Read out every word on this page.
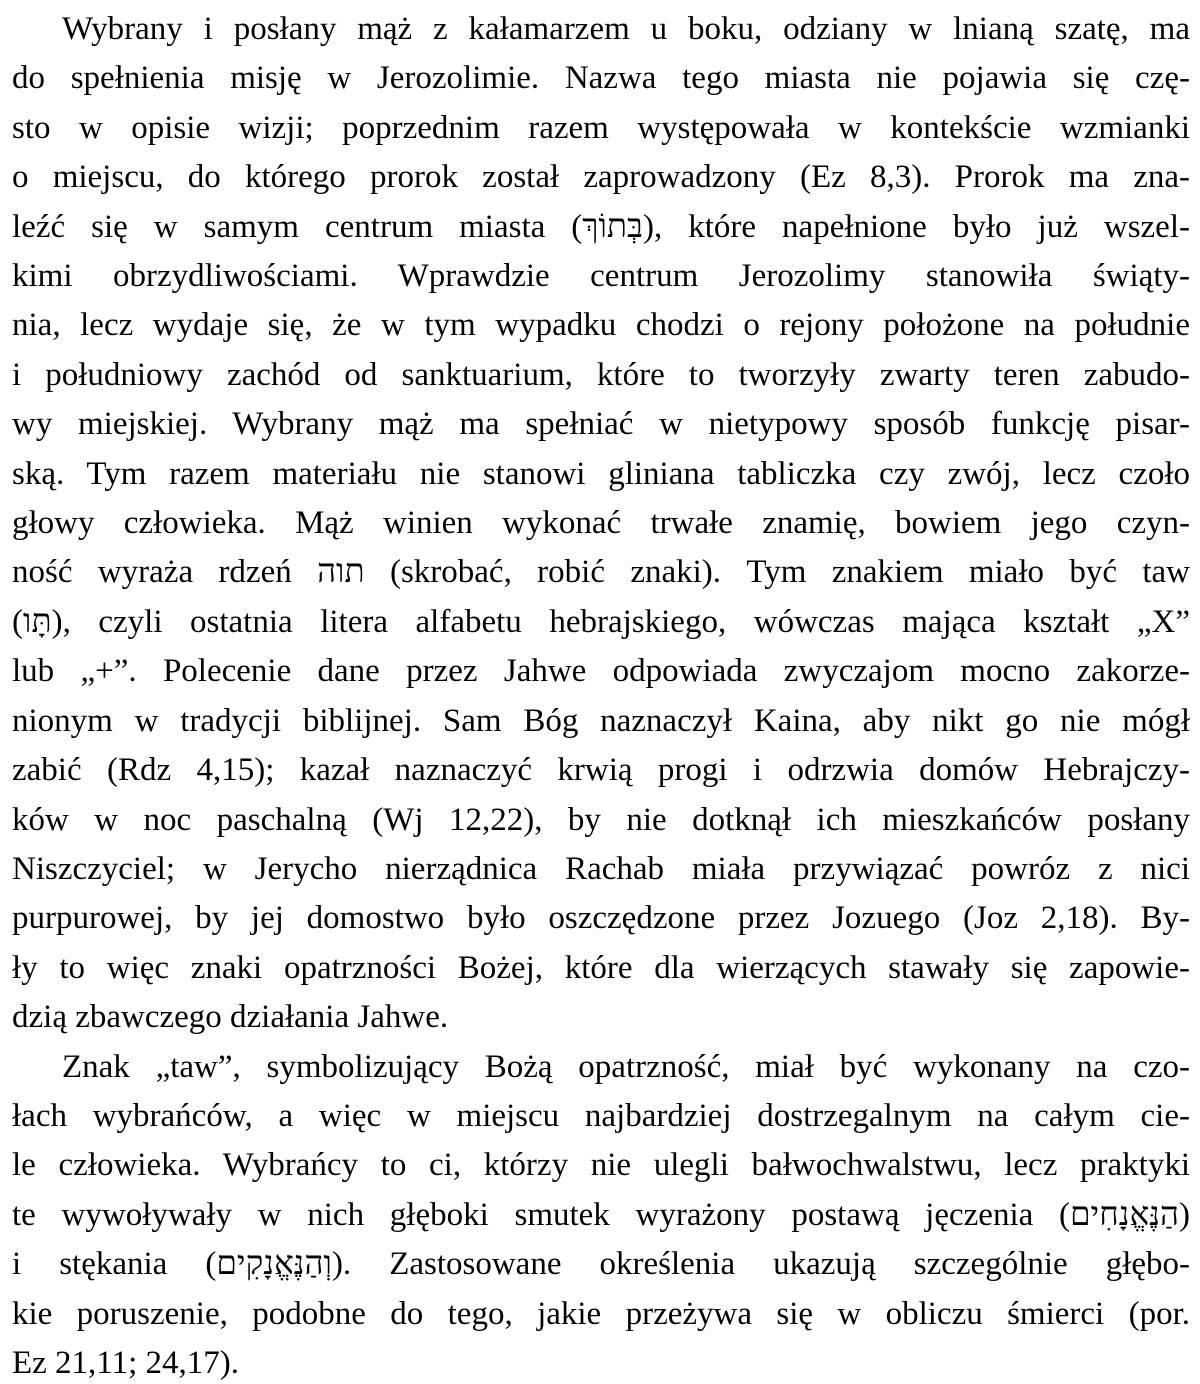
Wybrany i posłany mąż z kałamarzem u boku, odziany w lnianą szatę, ma
do spełnienia misję w Jerozolimie. Nazwa tego miasta nie pojawia się czę-
sto w opisie wizji; poprzednim razem występowała w kontekście wzmianki
o miejscu, do którego prorok został zaprowadzony (Ez 8,3). Prorok ma zna-
leźć się w samym centrum miasta (בְּתוֹךְ), które napełnione było już wszel-
kimi obrzydliwościami. Wprawdzie centrum Jerozolimy stanowiła świąty-
nia, lecz wydaje się, że w tym wypadku chodzi o rejony położone na południe
i południowy zachód od sanktuarium, które to tworzyły zwarty teren zabudo-
wy miejskiej. Wybrany mąż ma spełniać w nietypowy sposób funkcję pisar-
ską. Tym razem materiału nie stanowi gliniana tabliczka czy zwój, lecz czoło
głowy człowieka. Mąż winien wykonać trwałe znamię, bowiem jego czyn-
ność wyraża rdzeń תוה (skrobać, robić znaki). Tym znakiem miało być taw
(תָּו), czyli ostatnia litera alfabetu hebrajskiego, wówczas mająca kształt „X”
lub „+”. Polecenie dane przez Jahwe odpowiada zwyczajom mocno zakorze-
nionym w tradycji biblijnej. Sam Bóg naznaczył Kaina, aby nikt go nie mógł
zabić (Rdz 4,15); kazał naznaczyć krwią progi i odrzwia domów Hebrajczy-
ków w noc paschalną (Wj 12,22), by nie dotknął ich mieszkańców posłany
Niszczyciel; w Jerycho nierządnica Rachab miała przywiązać powróz z nici
purpurowej, by jej domostwo było oszczędzone przez Jozuego (Joz 2,18). By-
ły to więc znaki opatrzności Bożej, które dla wierzących stawały się zapowie-
dzią zbawczego działania Jahwe.
Znak „taw”, symbolizujący Bożą opatrzność, miał być wykonany na czo-
łach wybrańców, a więc w miejscu najbardziej dostrzegalnym na całym cie-
le człowieka. Wybrańcy to ci, którzy nie ulegli bałwochwalstwu, lecz praktyki
te wywoływały w nich głęboki smutek wyrażony postawą jęczenia (הַנֶּאֱנָחִים)
i stękania (וְהַנֶּאֱנָקִים). Zastosowane określenia ukazują szczególnie głębo-
kie poruszenie, podobne do tego, jakie przeżywa się w obliczu śmierci (por.
Ez 21,11; 24,17).
